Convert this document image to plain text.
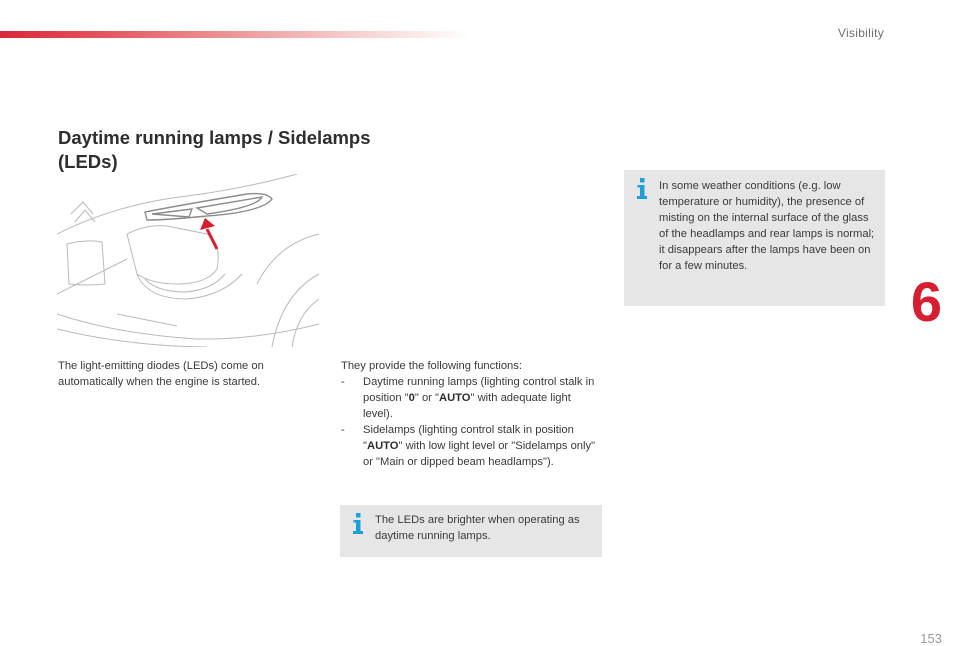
Visibility
Daytime running lamps / Sidelamps (LEDs)

The light-emitting diodes (LEDs) come on automatically when the engine is started.

They provide the following functions:
- Daytime running lamps (lighting control stalk in position "0" or "AUTO" with adequate light level).
- Sidelamps (lighting control stalk in position "AUTO" with low light level or "Sidelamps only" or "Main or dipped beam headlamps").

In some weather conditions (e.g. low temperature or humidity), the presence of misting on the internal surface of the glass of the headlamps and rear lamps is normal; it disappears after the lamps have been on for a few minutes.

The LEDs are brighter when operating as daytime running lamps.

6
153
